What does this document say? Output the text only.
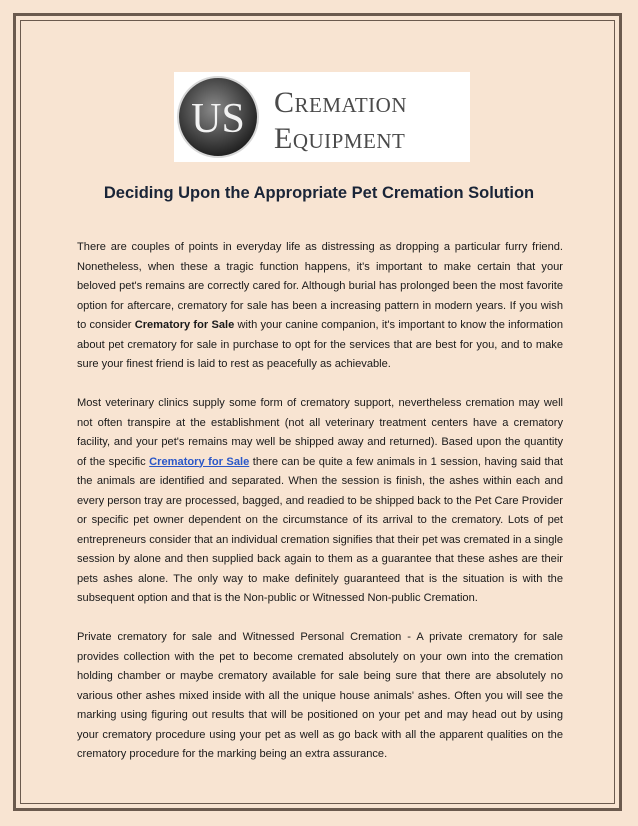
US Cremation
Equipment
Deciding Upon the Appropriate Pet Cremation Solution

There are couples of points in everyday life as distressing as dropping a particular furry friend. Nonetheless, when these a tragic function happens, it's important to make certain that your beloved pet's remains are correctly cared for. Although burial has prolonged been the most favorite option for aftercare, crematory for sale has been a increasing pattern in modern years. If you wish to consider Crematory for Sale with your canine companion, it's important to know the information about pet crematory for sale in purchase to opt for the services that are best for you, and to make sure your finest friend is laid to rest as peacefully as achievable.

Most veterinary clinics supply some form of crematory support, nevertheless cremation may well not often transpire at the establishment (not all veterinary treatment centers have a crematory facility, and your pet's remains may well be shipped away and returned). Based upon the quantity of the specific Crematory for Sale there can be quite a few animals in 1 session, having said that the animals are identified and separated. When the session is finish, the ashes within each and every person tray are processed, bagged, and readied to be shipped back to the Pet Care Provider or specific pet owner dependent on the circumstance of its arrival to the crematory. Lots of pet entrepreneurs consider that an individual cremation signifies that their pet was cremated in a single session by alone and then supplied back again to them as a guarantee that these ashes are their pets ashes alone. The only way to make definitely guaranteed that is the situation is with the subsequent option and that is the Non-public or Witnessed Non-public Cremation.

Private crematory for sale and Witnessed Personal Cremation - A private crematory for sale provides collection with the pet to become cremated absolutely on your own into the cremation holding chamber or maybe crematory available for sale being sure that there are absolutely no various other ashes mixed inside with all the unique house animals' ashes. Often you will see the marking using figuring out results that will be positioned on your pet and may head out by using your crematory procedure using your pet as well as go back with all the apparent qualities on the crematory procedure for the marking being an extra assurance.
